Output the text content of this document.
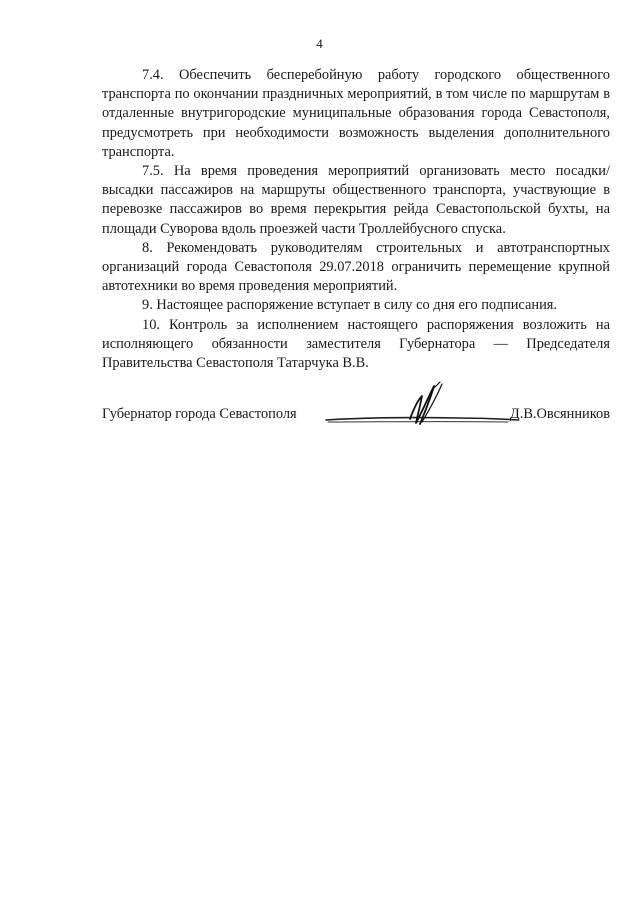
4

7.4. Обеспечить бесперебойную работу городского общественного транспорта по окончании праздничных мероприятий, в том числе по маршрутам в отдаленные внутригородские муниципальные образования города Севастополя, предусмотреть при необходимости возможность выделения дополнительного транспорта.

7.5. На время проведения мероприятий организовать место посадки/высадки пассажиров на маршруты общественного транспорта, участвующие в перевозке пассажиров во время перекрытия рейда Севастопольской бухты, на площади Суворова вдоль проезжей части Троллейбусного спуска.

8. Рекомендовать руководителям строительных и автотранспортных организаций города Севастополя 29.07.2018 ограничить перемещение крупной автотехники во время проведения мероприятий.

9. Настоящее распоряжение вступает в силу со дня его подписания.

10. Контроль за исполнением настоящего распоряжения возложить на исполняющего обязанности заместителя Губернатора — Председателя Правительства Севастополя Татарчука В.В.

Губернатор города Севастополя	Д.В.Овсянников
